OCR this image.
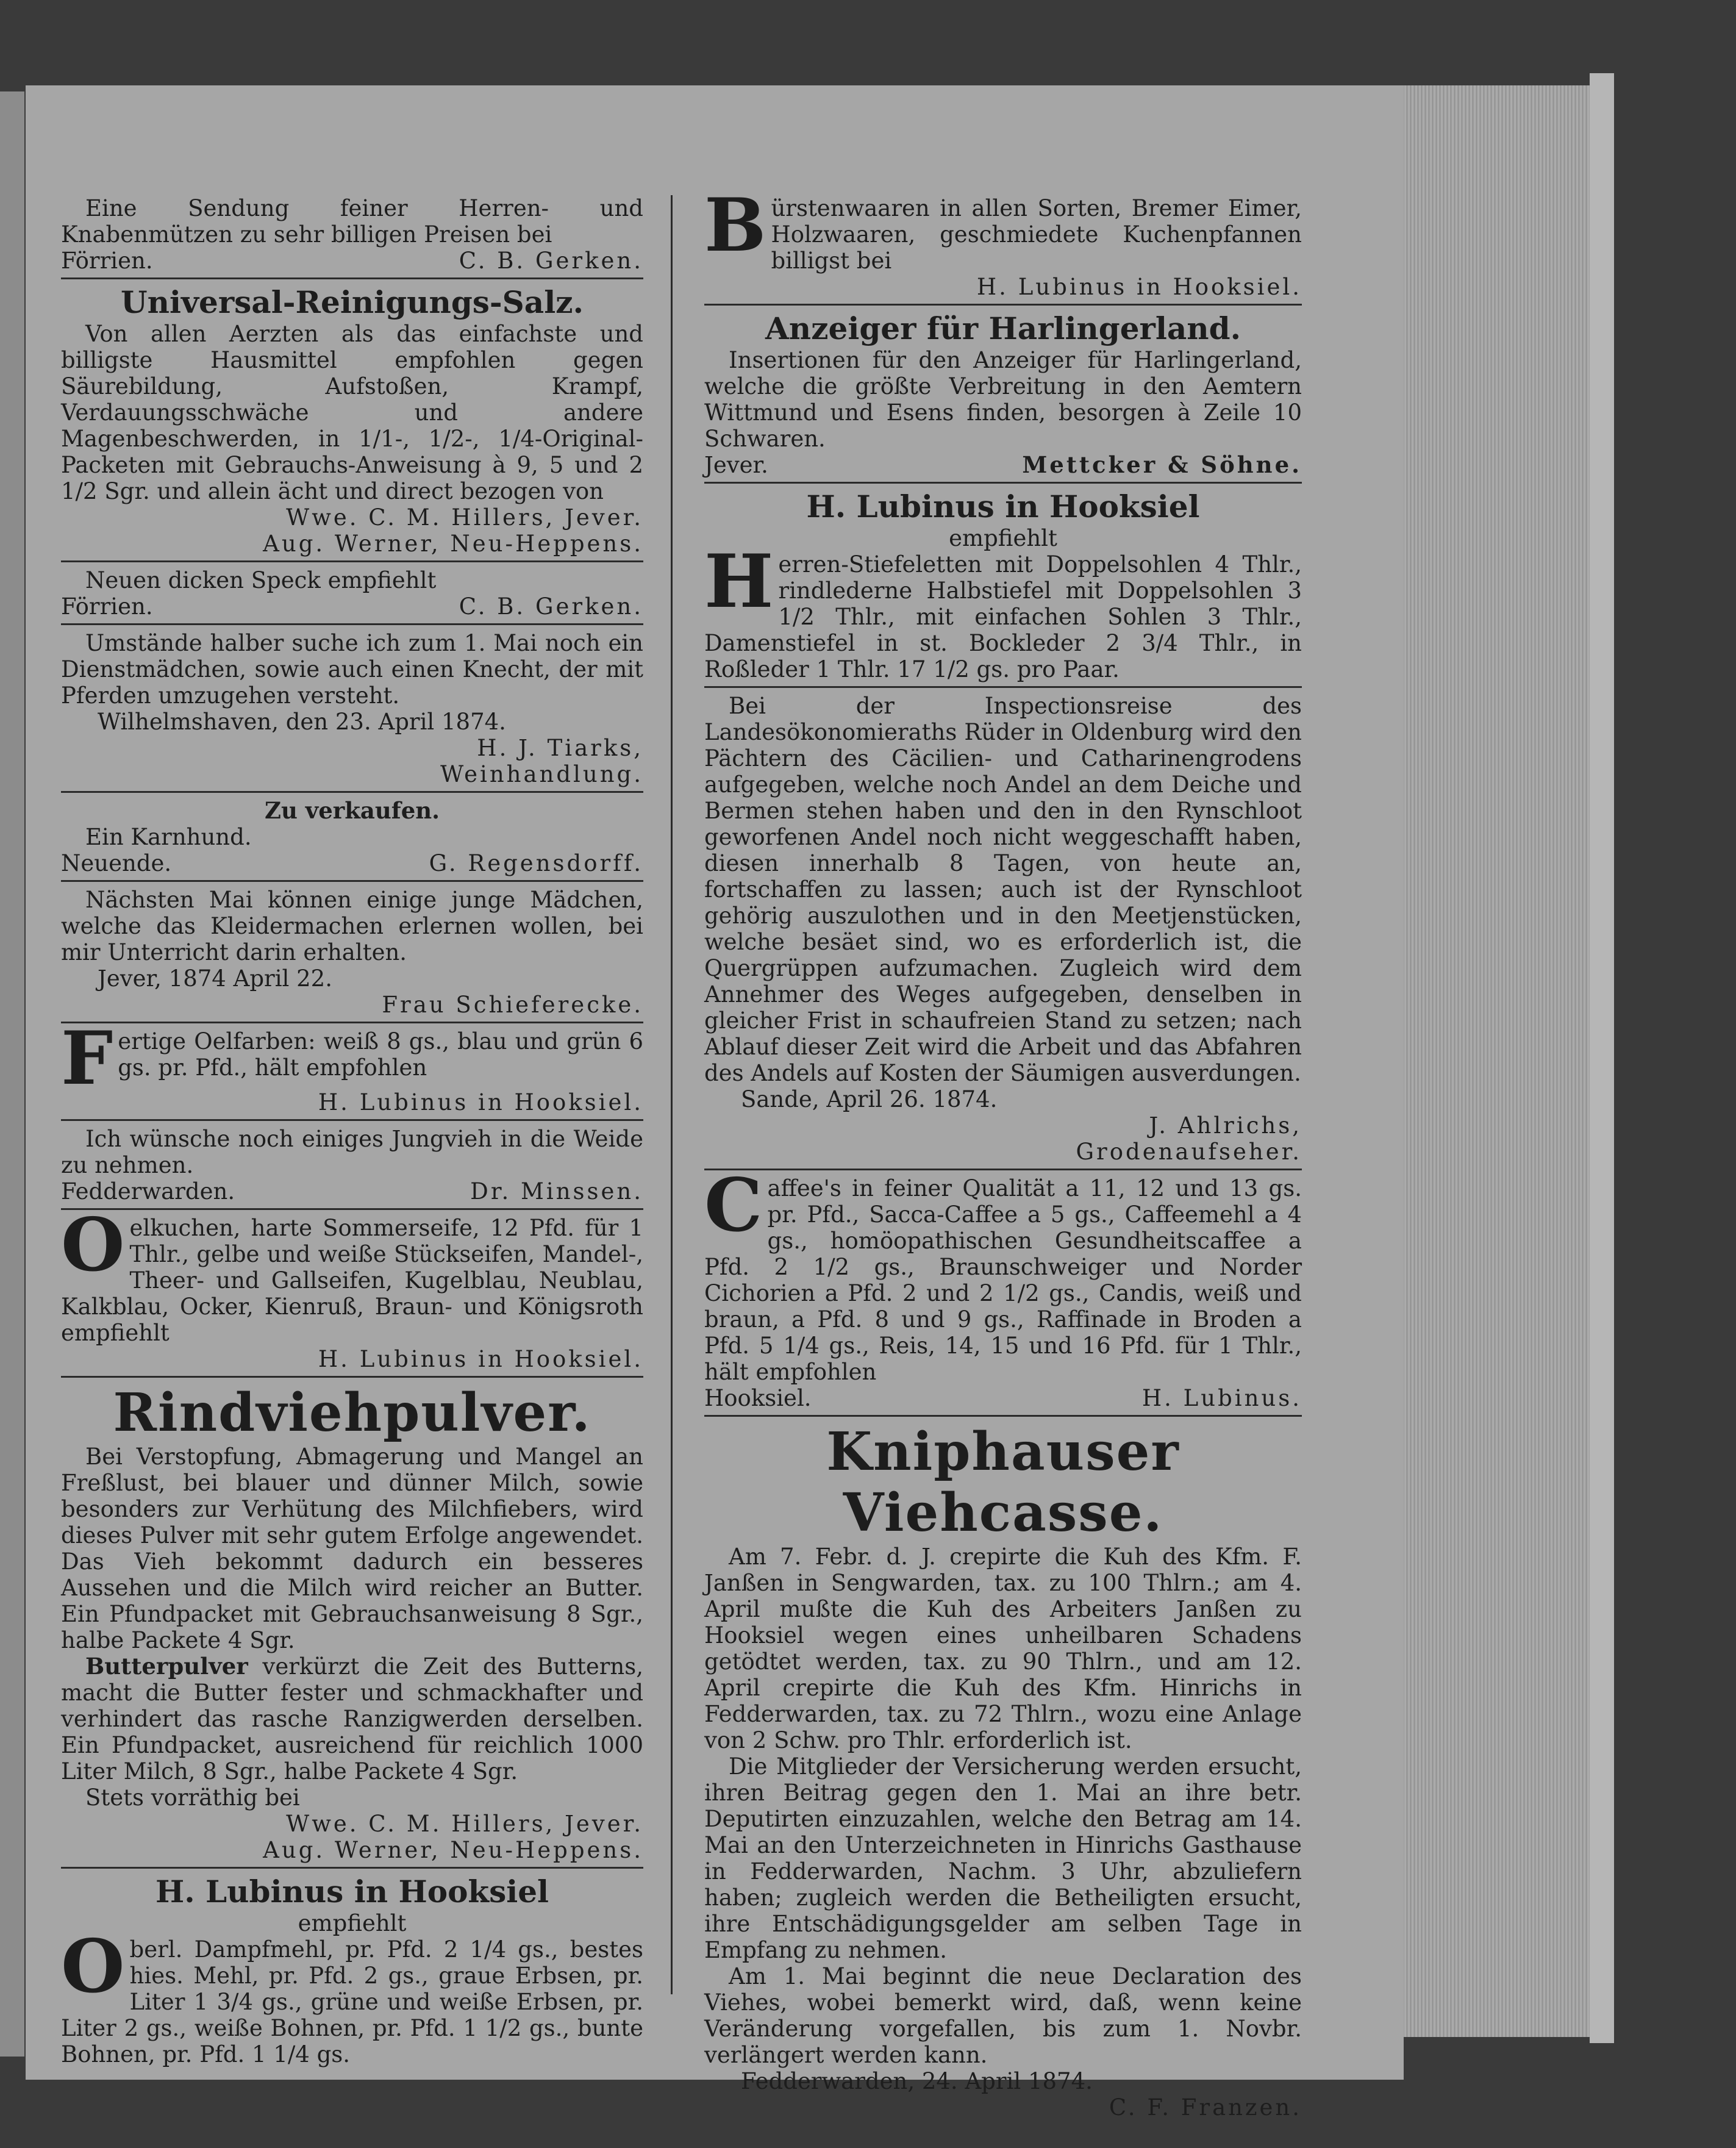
Eine Sendung feiner Herren- und Knabenmützen zu sehr billigen Preisen bei

Förrien.	C. B. Gerken.
Universal-Reinigungs-Salz.

Von allen Aerzten als das einfachste und billigste Hausmittel empfohlen gegen Säurebildung, Aufstoßen, Krampf, Verdauungsschwäche und andere Magenbeschwerden, in 1/1-, 1/2-, 1/4-Original-Packeten mit Gebrauchs-Anweisung à 9, 5 und 2 1/2 Sgr. und allein ächt und direct bezogen von

Wwe. C. M. Hillers, Jever.
Aug. Werner, Neu-Heppens.

Neuen dicken Speck empfiehlt

Förrien.	C. B. Gerken.

Umstände halber suche ich zum 1. Mai noch ein Dienstmädchen, sowie auch einen Knecht, der mit Pferden umzugehen versteht.

Wilhelmshaven, den 23. April 1874.
H. J. Tiarks,
Weinhandlung.
Zu verkaufen.

Ein Karnhund.

Neuende.	G. Regensdorff.

Nächsten Mai können einige junge Mädchen, welche das Kleidermachen erlernen wollen, bei mir Unterricht darin erhalten.

Jever, 1874 April 22.
Frau Schieferecke.
F ertige Oelfarben: weiß 8 gs., blau und grün 6 gs. pr. Pfd., hält empfohlen

H. Lubinus in Hooksiel.

Ich wünsche noch einiges Jungvieh in die Weide zu nehmen.

Fedderwarden.	Dr. Minssen.
O elkuchen, harte Sommerseife, 12 Pfd. für 1 Thlr., gelbe und weiße Stückseifen, Mandel-, Theer- und Gallseifen, Kugelblau, Neublau, Kalkblau, Ocker, Kienruß, Braun- und Königsroth empfiehlt

H. Lubinus in Hooksiel.
Rindviehpulver.

Bei Verstopfung, Abmagerung und Mangel an Freßlust, bei blauer und dünner Milch, sowie besonders zur Verhütung des Milchfiebers, wird dieses Pulver mit sehr gutem Erfolge angewendet. Das Vieh bekommt dadurch ein besseres Aussehen und die Milch wird reicher an Butter. Ein Pfundpacket mit Gebrauchsanweisung 8 Sgr., halbe Packete 4 Sgr.

Butterpulver verkürzt die Zeit des Butterns, macht die Butter fester und schmackhafter und verhindert das rasche Ranzigwerden derselben. Ein Pfundpacket, ausreichend für reichlich 1000 Liter Milch, 8 Sgr., halbe Packete 4 Sgr.

Stets vorräthig bei

Wwe. C. M. Hillers, Jever.
Aug. Werner, Neu-Heppens.
H. Lubinus in Hooksiel
empfiehlt
O berl. Dampfmehl, pr. Pfd. 2 1/4 gs., bestes hies. Mehl, pr. Pfd. 2 gs., graue Erbsen, pr. Liter 1 3/4 gs., grüne und weiße Erbsen, pr. Liter 2 gs., weiße Bohnen, pr. Pfd. 1 1/2 gs., bunte Bohnen, pr. Pfd. 1 1/4 gs.

B ürstenwaaren in allen Sorten, Bremer Eimer, Holzwaaren, geschmiedete Kuchenpfannen billigst bei

H. Lubinus in Hooksiel.
Anzeiger für Harlingerland.

Insertionen für den Anzeiger für Harlingerland, welche die größte Verbreitung in den Aemtern Wittmund und Esens finden, besorgen à Zeile 10 Schwaren.

Jever.	Mettcker & Söhne.
H. Lubinus in Hooksiel
empfiehlt
H erren-Stiefeletten mit Doppelsohlen 4 Thlr., rindlederne Halbstiefel mit Doppelsohlen 3 1/2 Thlr., mit einfachen Sohlen 3 Thlr., Damenstiefel in st. Bockleder 2 3/4 Thlr., in Roßleder 1 Thlr. 17 1/2 gs. pro Paar.

Bei der Inspectionsreise des Landesökonomieraths Rüder in Oldenburg wird den Pächtern des Cäcilien- und Catharinengrodens aufgegeben, welche noch Andel an dem Deiche und Bermen stehen haben und den in den Rynschloot geworfenen Andel noch nicht weggeschafft haben, diesen innerhalb 8 Tagen, von heute an, fortschaffen zu lassen; auch ist der Rynschloot gehörig auszulothen und in den Meetjenstücken, welche besäet sind, wo es erforderlich ist, die Quergrüppen aufzumachen. Zugleich wird dem Annehmer des Weges aufgegeben, denselben in gleicher Frist in schaufreien Stand zu setzen; nach Ablauf dieser Zeit wird die Arbeit und das Abfahren des Andels auf Kosten der Säumigen ausverdungen.

Sande, April 26. 1874.
J. Ahlrichs,
Grodenaufseher.
C affee's in feiner Qualität a 11, 12 und 13 gs. pr. Pfd., Sacca-Caffee a 5 gs., Caffeemehl a 4 gs., homöopathischen Gesundheitscaffee a Pfd. 2 1/2 gs., Braunschweiger und Norder Cichorien a Pfd. 2 und 2 1/2 gs., Candis, weiß und braun, a Pfd. 8 und 9 gs., Raffinade in Broden a Pfd. 5 1/4 gs., Reis, 14, 15 und 16 Pfd. für 1 Thlr., hält empfohlen

Hooksiel.	H. Lubinus.
Kniphauser Viehcasse.

Am 7. Febr. d. J. crepirte die Kuh des Kfm. F. Janßen in Sengwarden, tax. zu 100 Thlrn.; am 4. April mußte die Kuh des Arbeiters Janßen zu Hooksiel wegen eines unheilbaren Schadens getödtet werden, tax. zu 90 Thlrn., und am 12. April crepirte die Kuh des Kfm. Hinrichs in Fedderwarden, tax. zu 72 Thlrn., wozu eine Anlage von 2 Schw. pro Thlr. erforderlich ist.

Die Mitglieder der Versicherung werden ersucht, ihren Beitrag gegen den 1. Mai an ihre betr. Deputirten einzuzahlen, welche den Betrag am 14. Mai an den Unterzeichneten in Hinrichs Gasthause in Fedderwarden, Nachm. 3 Uhr, abzuliefern haben; zugleich werden die Betheiligten ersucht, ihre Entschädigungsgelder am selben Tage in Empfang zu nehmen.

Am 1. Mai beginnt die neue Declaration des Viehes, wobei bemerkt wird, daß, wenn keine Veränderung vorgefallen, bis zum 1. Novbr. verlängert werden kann.

Fedderwarden, 24. April 1874.
C. F. Franzen.
